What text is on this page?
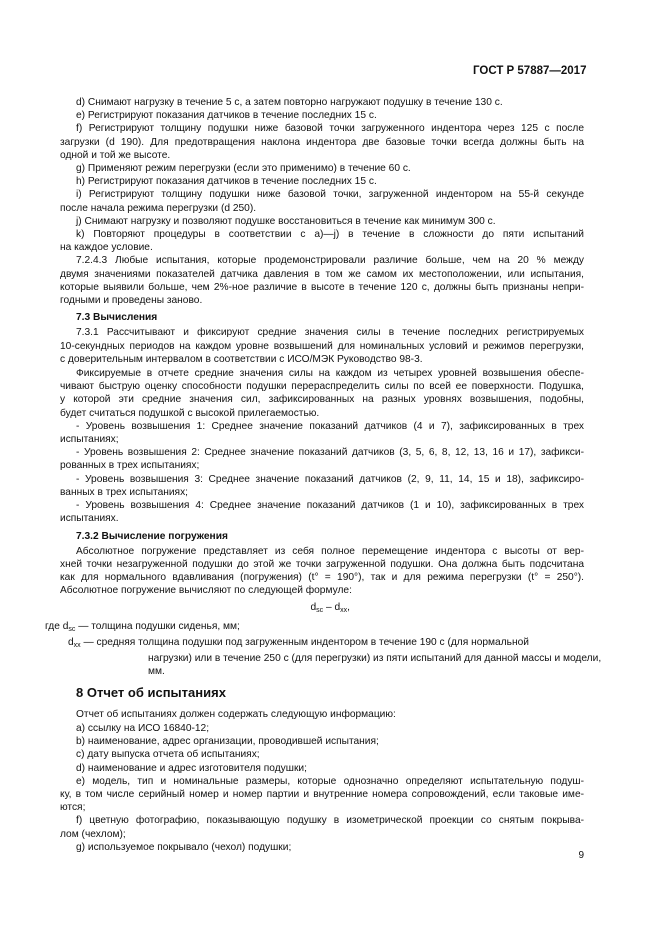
ГОСТ Р 57887—2017
d) Снимают нагрузку в течение 5 с, а затем повторно нагружают подушку в течение 130 с.
e) Регистрируют показания датчиков в течение последних 15 с.
f) Регистрируют толщину подушки ниже базовой точки загруженного индентора через 125 с после
загрузки (d 190). Для предотвращения наклона индентора две базовые точки всегда должны быть на
одной и той же высоте.
g) Применяют режим перегрузки (если это применимо) в течение 60 с.
h) Регистрируют показания датчиков в течение последних 15 с.
i) Регистрируют толщину подушки ниже базовой точки, загруженной индентором на 55-й секунде
после начала режима перегрузки (d 250).
j) Снимают нагрузку и позволяют подушке восстановиться в течение как минимум 300 с.
k) Повторяют процедуры в соответствии с а)—j) в течение в сложности до пяти испытаний
на каждое условие.
7.2.4.3 Любые испытания, которые продемонстрировали различие больше, чем на 20 % между
двумя значениями показателей датчика давления в том же самом их местоположении, или испытания,
которые выявили больше, чем 2%-ное различие в высоте в течение 120 с, должны быть признаны непри-
годными и проведены заново.
7.3 Вычисления
7.3.1 Рассчитывают и фиксируют средние значения силы в течение последних регистрируемых
10-секундных периодов на каждом уровне возвышений для номинальных условий и режимов перегрузки,
с доверительным интервалом в соответствии с ИСО/МЭК Руководство 98-3.
Фиксируемые в отчете средние значения силы на каждом из четырех уровней возвышения обеспе-
чивают быструю оценку способности подушки перераспределить силы по всей ее поверхности. Подушка,
у которой эти средние значения сил, зафиксированных на разных уровнях возвышения, подобны,
будет считаться подушкой с высокой прилегаемостью.
- Уровень возвышения 1: Среднее значение показаний датчиков (4 и 7), зафиксированных в трех
испытаниях;
- Уровень возвышения 2: Среднее значение показаний датчиков (3, 5, 6, 8, 12, 13, 16 и 17), зафикси-
рованных в трех испытаниях;
- Уровень возвышения 3: Среднее значение показаний датчиков (2, 9, 11, 14, 15 и 18), зафиксиро-
ванных в трех испытаниях;
- Уровень возвышения 4: Среднее значение показаний датчиков (1 и 10), зафиксированных в трех
испытаниях.
7.3.2 Вычисление погружения
Абсолютное погружение представляет из себя полное перемещение индентора с высоты от вер-
хней точки незагруженной подушки до этой же точки загруженной подушки. Она должна быть подсчитана
как для нормального вдавливания (погружения) (t° = 190°), так и для режима перегрузки (t° = 250°).
Абсолютное погружение вычисляют по следующей формуле:
$d_{sc} - d_{xx}$,
где $d_{sc}$ — толщина подушки сиденья, мм;
$d_{xx}$ — средняя толщина подушки под загруженным индентором в течение 190 с (для нормальной
нагрузки) или в течение 250 с (для перегрузки) из пяти испытаний для данной массы и модели,
мм.
8 Отчет об испытаниях
Отчет об испытаниях должен содержать следующую информацию:
a) ссылку на ИСО 16840-12;
b) наименование, адрес организации, проводившей испытания;
c) дату выпуска отчета об испытаниях;
d) наименование и адрес изготовителя подушки;
e) модель, тип и номинальные размеры, которые однозначно определяют испытательную подуш-
ку, в том числе серийный номер и номер партии и внутренние номера сопровождений, если таковые име-
ются;
f) цветную фотографию, показывающую подушку в изометрической проекции со снятым покрыва-
лом (чехлом);
g) используемое покрывало (чехол) подушки;
9
